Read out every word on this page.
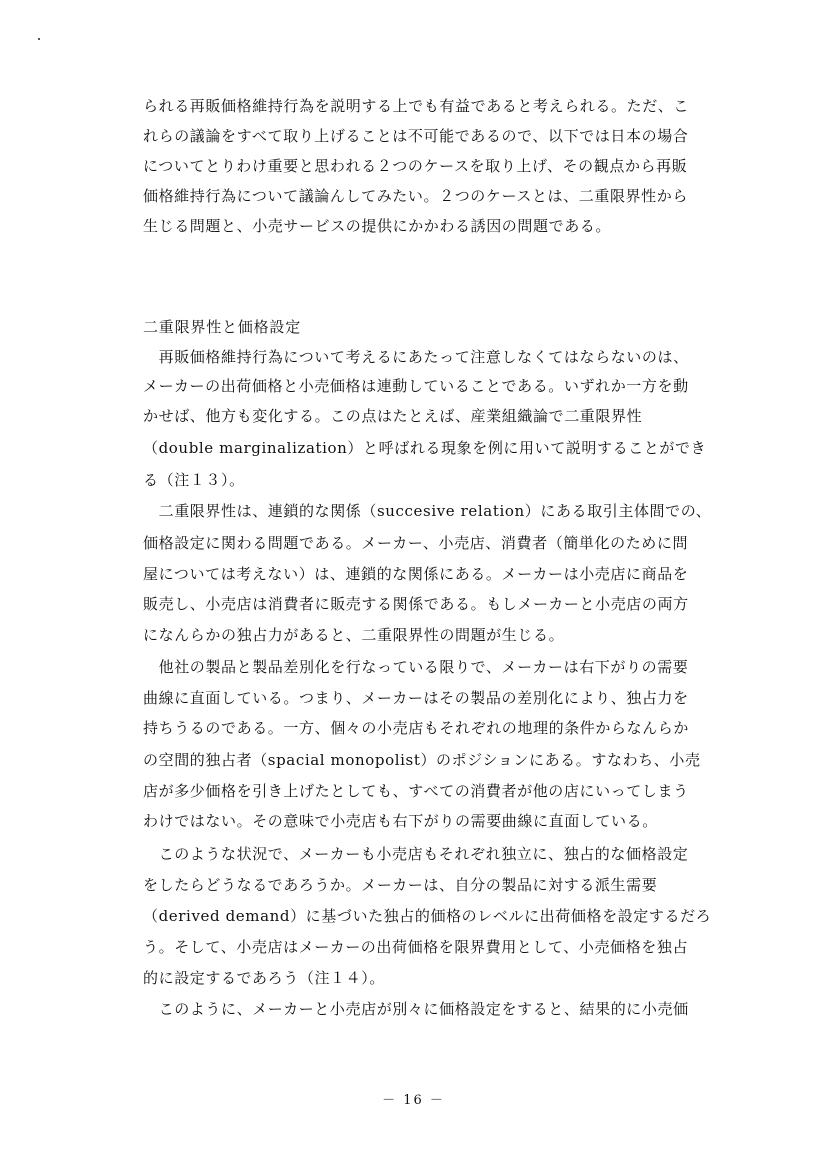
られる再販価格維持行為を説明する上でも有益であると考えられる。ただ、こ
れらの議論をすべて取り上げることは不可能であるので、以下では日本の場合
についてとりわけ重要と思われる２つのケースを取り上げ、その観点から再販
価格維持行為について議論んしてみたい。２つのケースとは、二重限界性から
生じる問題と、小売サービスの提供にかかわる誘因の問題である。
二重限界性と価格設定
　再販価格維持行為について考えるにあたって注意しなくてはならないのは、
メーカーの出荷価格と小売価格は連動していることである。いずれか一方を動
かせば、他方も変化する。この点はたとえば、産業組織論で二重限界性
（double marginalization）と呼ばれる現象を例に用いて説明することができ
る（注１３）。
　二重限界性は、連鎖的な関係（succesive relation）にある取引主体間での、
価格設定に関わる問題である。メーカー、小売店、消費者（簡単化のために問
屋については考えない）は、連鎖的な関係にある。メーカーは小売店に商品を
販売し、小売店は消費者に販売する関係である。もしメーカーと小売店の両方
になんらかの独占力があると、二重限界性の問題が生じる。
　他社の製品と製品差別化を行なっている限りで、メーカーは右下がりの需要
曲線に直面している。つまり、メーカーはその製品の差別化により、独占力を
持ちうるのである。一方、個々の小売店もそれぞれの地理的条件からなんらか
の空間的独占者（spacial monopolist）のポジションにある。すなわち、小売
店が多少価格を引き上げたとしても、すべての消費者が他の店にいってしまう
わけではない。その意味で小売店も右下がりの需要曲線に直面している。
　このような状況で、メーカーも小売店もそれぞれ独立に、独占的な価格設定
をしたらどうなるであろうか。メーカーは、自分の製品に対する派生需要
（derived demand）に基づいた独占的価格のレベルに出荷価格を設定するだろ
う。そして、小売店はメーカーの出荷価格を限界費用として、小売価格を独占
的に設定するであろう（注１４）。
　このように、メーカーと小売店が別々に価格設定をすると、結果的に小売価
－ 16 －
